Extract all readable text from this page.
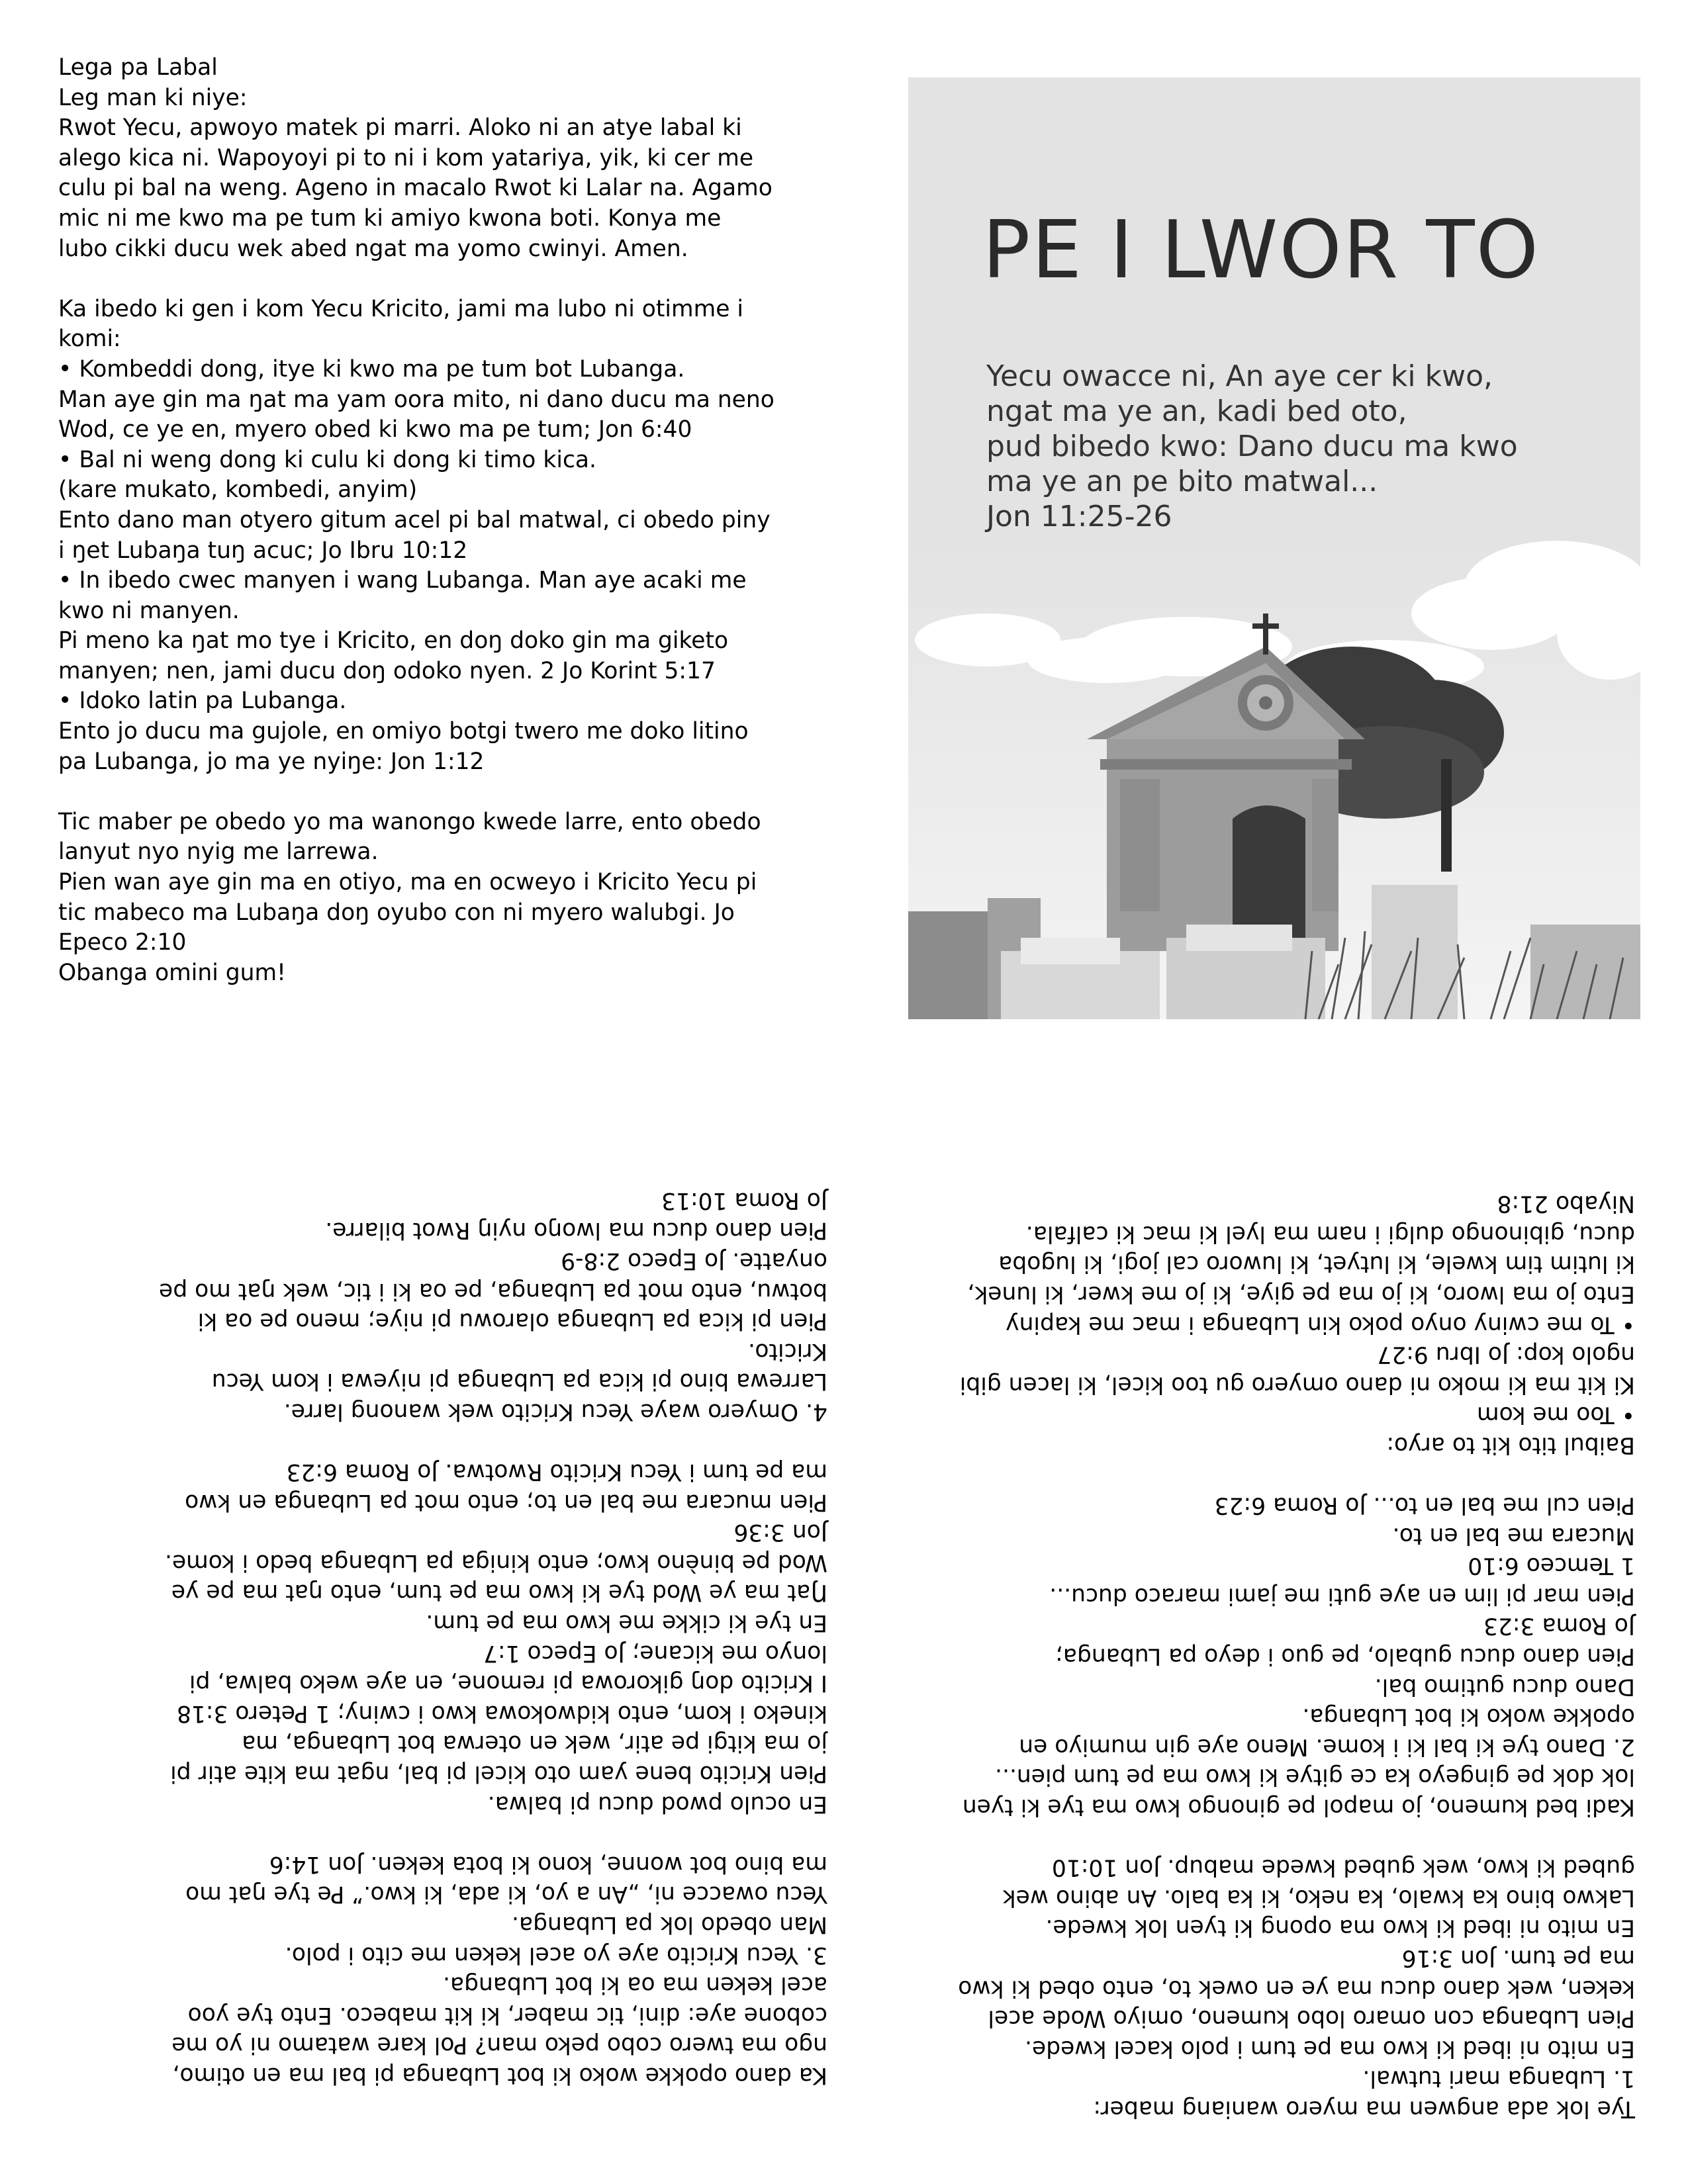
Lega pa Labal
Leg man ki niye:
Rwot Yecu, apwoyo matek pi marri. Aloko ni an atye labal ki
alego kica ni. Wapoyoyi pi to ni i kom yatariya, yik, ki cer me
culu pi bal na weng. Ageno in macalo Rwot ki Lalar na. Agamo
mic ni me kwo ma pe tum ki amiyo kwona boti. Konya me
lubo cikki ducu wek abed ngat ma yomo cwinyi. Amen.
Ka ibedo ki gen i kom Yecu Kricito, jami ma lubo ni otimme i
komi:
• Kombeddi dong, itye ki kwo ma pe tum bot Lubanga.
Man aye gin ma ŋat ma yam oora mito, ni dano ducu ma neno
Wod, ce ye en, myero obed ki kwo ma pe tum; Jon 6:40
• Bal ni weng dong ki culu ki dong ki timo kica.
(kare mukato, kombedi, anyim)
Ento dano man otyero gitum acel pi bal matwal, ci obedo piny
i ŋet Lubaŋa tuŋ acuc; Jo Ibru 10:12
• In ibedo cwec manyen i wang Lubanga. Man aye acaki me
kwo ni manyen.
Pi meno ka ŋat mo tye i Kricito, en doŋ doko gin ma giketo
manyen; nen, jami ducu doŋ odoko nyen. 2 Jo Korint 5:17
• Idoko latin pa Lubanga.
Ento jo ducu ma gujole, en omiyo botgi twero me doko litino
pa Lubanga, jo ma ye nyiŋe: Jon 1:12
Tic maber pe obedo yo ma wanongo kwede larre, ento obedo
lanyut nyo nyig me larrewa.
Pien wan aye gin ma en otiyo, ma en ocweyo i Kricito Yecu pi
tic mabeco ma Lubaŋa doŋ oyubo con ni myero walubgi. Jo
Epeco 2:10
Obanga omini gum!
PE I LWOR TO
Yecu owacce ni, An aye cer ki kwo,
ngat ma ye an, kadi bed oto,
pud bibedo kwo: Dano ducu ma kwo
ma ye an pe bito matwal...
Jon 11:25-26
Ka dano opokke woko ki bot Lubanga pi bal ma en otimo,
ngo ma twero cobo peko man? Pol kare watamo ni yo me
cobone aye: dini, tic maber, ki kit mabeco. Ento tye yoo
acel keken ma oa ki bot Lubanga.
3. Yecu Kricito aye yo acel keken me cito i polo.
Man obedo lok pa Lubanga.
Yecu owacce ni, „An a yo, ki ada, ki kwo.” Pe tye ŋat mo
ma bino bot wonne, kono ki bota keken. Jon 14:6
En oculo pwod ducu pi balwa.
Pien Kricito bene yam oto kicel pi bal, ngat ma kite atir pi
jo ma kitgi pe atir, wek en oterwa bot Lubanga, ma
kineko i kom, ento kidwokowa kwo i cwiny; 1 Petero 3:18
I Kricito doŋ gikorowa pi remone, en aye weko balwa, pi
lonyo me kicane; Jo Epeco 1:7
En tye ki cikke me kwo ma pe tum.
Ŋat ma ye Wod tye ki kwo ma pe tum, ento ŋat ma pe ye
Wod pe binèno kwo; ento kiniga pa Lubanga bedo i kome.
Jon 3:36
Pien mucara me bal en to; ento mot pa Lubanga en kwo
ma pe tum i Yecu Kricito Rwotwa. Jo Roma 6:23
4. Omyero waye Yecu Kricito wek wanong larre.
Larrewa bino pi kica pa Lubanga pi niyewa i kom Yecu
Kricito.
Pien pi kica pa Lubanga olarowu pi niye; meno pe oa ki
botwu, ento mot pa Lubanga, pe oa ki i tic, wek ŋat mo pe
onyatte. Jo Epeco 2:8-9
Pien dano ducu ma lwoŋo nyiŋ Rwot bilarre.
Jo Roma 10:13
Tye lok ada angwen ma myero waniang maber:
1. Lubanga mari tutwal.
En mito ni ibed ki kwo ma pe tum i polo kacel kwede.
Pien Lubanga con omaro lobo kumeno, omiyo Wode acel
keken, wek dano ducu ma ye en owek to, ento obed ki kwo
ma pe tum. Jon 3:16
En mito ni ibed ki kwo ma opong ki tyen lok kwede.
Lakwo bino ka kwalo, ka neko, ki ka balo. An abino wek
gubed ki kwo, wek gubed kwede mabup. Jon 10:10
Kadi bed kumeno, jo mapol pe ginongo kwo ma tye ki tyen
lok dok pe gingeyo ka ce gitye ki kwo ma pe tum pien...
2. Dano tye ki bal ki i kome. Meno aye gin mumiyo en
opokke woko ki bot Lubanga.
Dano ducu gutimo bal.
Pien dano ducu gubalo, pe guo i deyo pa Lubanga;
Jo Roma 3:23
Pien mar pi lim en aye guti me jami maraco ducu...
1 Temceo 6:10
Mucara me bal en to.
Pien cul me bal en to... Jo Roma 6:23
Baibul tito kit to aryo:
• Too me kom
Ki kit ma ki moko ni dano omyero gu too kicel, ki lacen gibi
ngolo kop: Jo Ibru 9:27
• To me cwiny onyo poko kin Lubanga i mac me kapiny
Ento jo ma lworo, ki jo ma pe giye, ki jo me kwer, ki lunek,
ki lutim tim kwele, ki lutyet, ki luworo cal jogi, ki lugoba
ducu, gibinongo dulgi i nam ma lyel ki mac ki calfala.
Niyabo 21:8
